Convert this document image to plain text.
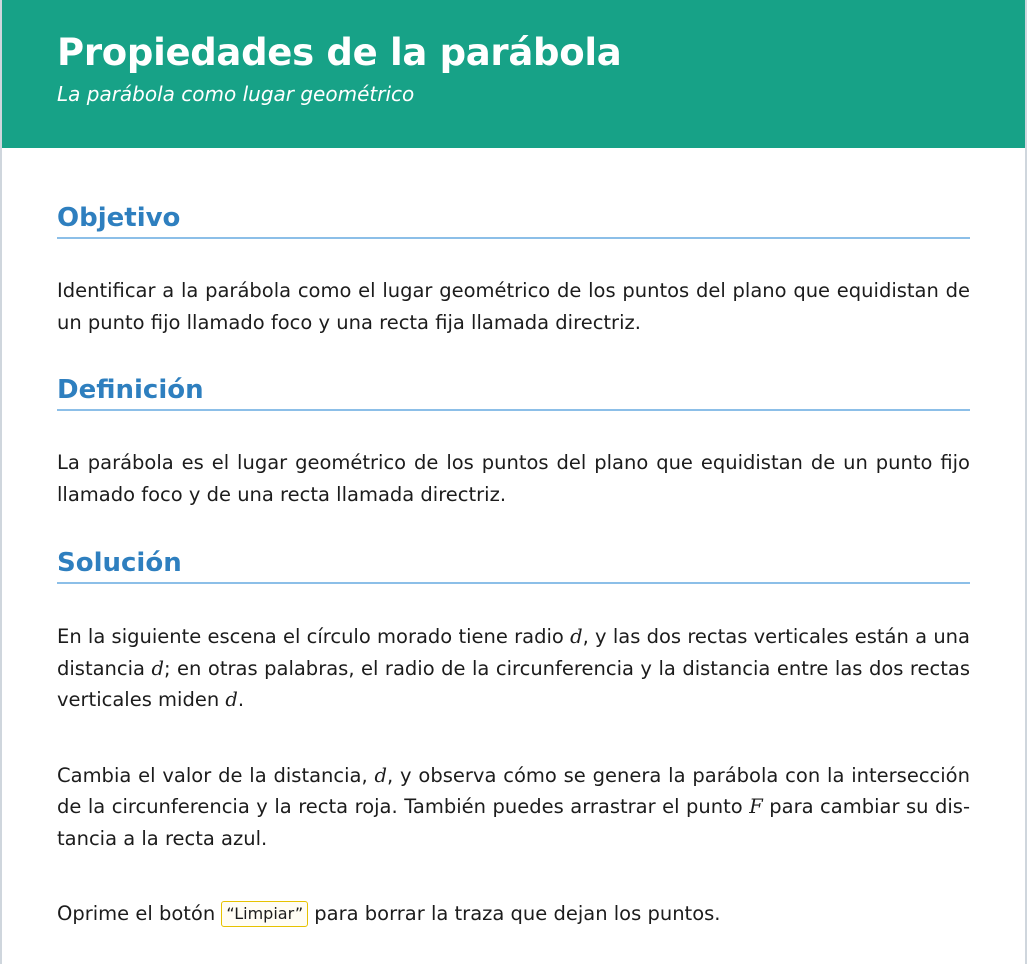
Propiedades de la parábola
La parábola como lugar geométrico
Objetivo

Identificar a la parábola como el lugar geométrico de los puntos del plano que equidistan de un punto fijo llamado foco y una recta fija llamada directriz.

Definición

La parábola es el lugar geométrico de los puntos del plano que equidistan de un punto fijo llamado foco y de una recta llamada directriz.

Solución

En la siguiente escena el círculo morado tiene radio d, y las dos rectas verticales están a una distancia d; en otras palabras, el radio de la circunferencia y la distancia entre las dos rectas verticales miden d.

Cambia el valor de la distancia, d, y observa cómo se genera la parábola con la intersección de la circunferencia y la recta roja. También puedes arrastrar el punto F para cambiar su distancia a la recta azul.

Oprime el botón “Limpiar” para borrar la traza que dejan los puntos.
